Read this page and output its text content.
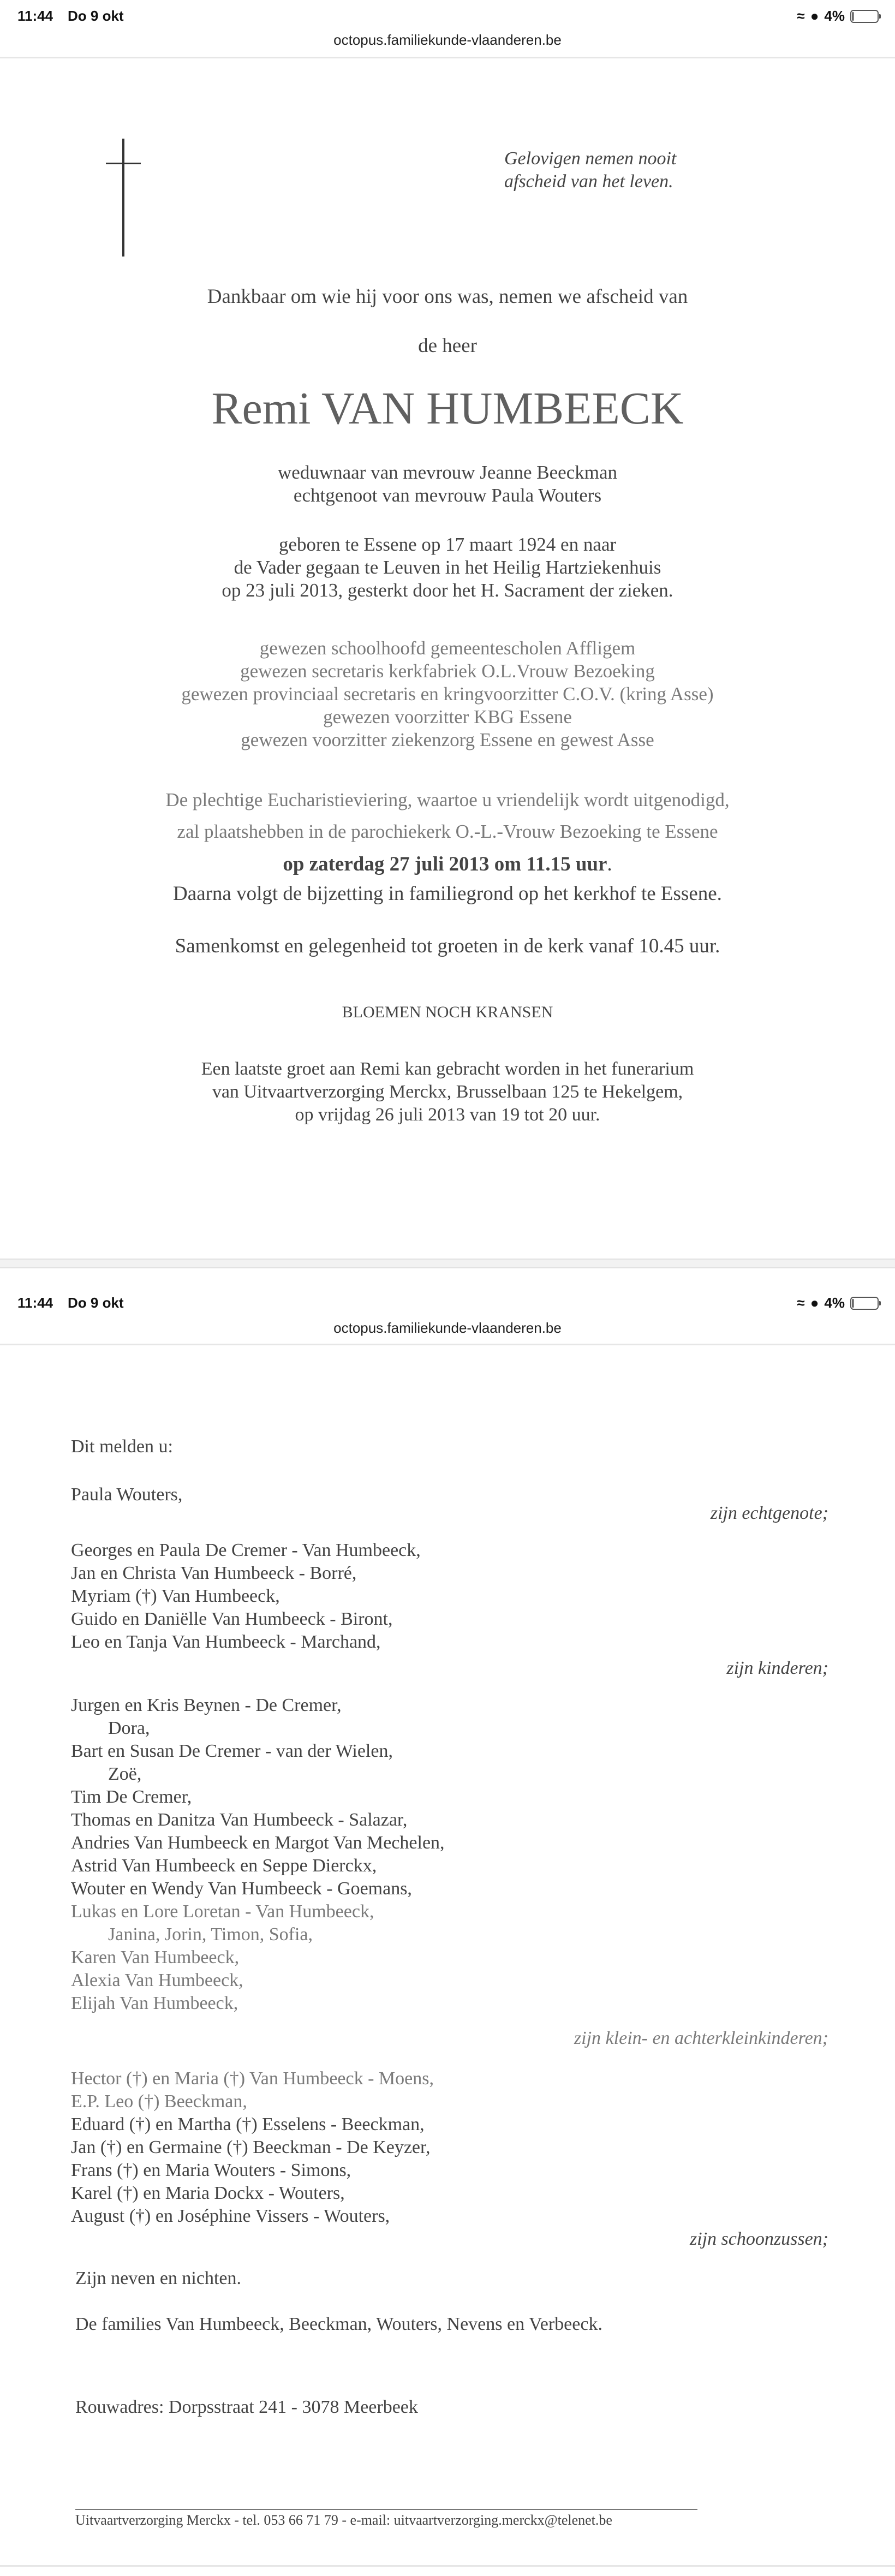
11:44 Do 9 okt	≈ ● 4%
octopus.familiekunde-vlaanderen.be
Gelovigen nemen nooit
afscheid van het leven.
Dankbaar om wie hij voor ons was, nemen we afscheid van
de heer
Remi VAN HUMBEECK
weduwnaar van mevrouw Jeanne Beeckman
echtgenoot van mevrouw Paula Wouters
geboren te Essene op 17 maart 1924 en naar
de Vader gegaan te Leuven in het Heilig Hartziekenhuis
op 23 juli 2013, gesterkt door het H. Sacrament der zieken.
gewezen schoolhoofd gemeentescholen Affligem
gewezen secretaris kerkfabriek O.L.Vrouw Bezoeking
gewezen provinciaal secretaris en kringvoorzitter C.O.V. (kring Asse)
gewezen voorzitter KBG Essene
gewezen voorzitter ziekenzorg Essene en gewest Asse
De plechtige Eucharistieviering, waartoe u vriendelijk wordt uitgenodigd,
zal plaatshebben in de parochiekerk O.-L.-Vrouw Bezoeking te Essene
op zaterdag 27 juli 2013 om 11.15 uur.
Daarna volgt de bijzetting in familiegrond op het kerkhof te Essene.
Samenkomst en gelegenheid tot groeten in de kerk vanaf 10.45 uur.
BLOEMEN NOCH KRANSEN
Een laatste groet aan Remi kan gebracht worden in het funerarium
van Uitvaartverzorging Merckx, Brusselbaan 125 te Hekelgem,
op vrijdag 26 juli 2013 van 19 tot 20 uur.
11:44 Do 9 okt	≈ ● 4%
octopus.familiekunde-vlaanderen.be
Dit melden u:
Paula Wouters,
zijn echtgenote;
Georges en Paula De Cremer - Van Humbeeck,
Jan en Christa Van Humbeeck - Borré,
Myriam (†) Van Humbeeck,
Guido en Daniëlle Van Humbeeck - Biront,
Leo en Tanja Van Humbeeck - Marchand,
zijn kinderen;
Jurgen en Kris Beynen - De Cremer,
Dora,
Bart en Susan De Cremer - van der Wielen,
Zoë,
Tim De Cremer,
Thomas en Danitza Van Humbeeck - Salazar,
Andries Van Humbeeck en Margot Van Mechelen,
Astrid Van Humbeeck en Seppe Dierckx,
Wouter en Wendy Van Humbeeck - Goemans,
Lukas en Lore Loretan - Van Humbeeck,
Janina, Jorin, Timon, Sofia,
Karen Van Humbeeck,
Alexia Van Humbeeck,
Elijah Van Humbeeck,
zijn klein- en achterkleinkinderen;
Hector (†) en Maria (†) Van Humbeeck - Moens,
E.P. Leo (†) Beeckman,
Eduard (†) en Martha (†) Esselens - Beeckman,
Jan (†) en Germaine (†) Beeckman - De Keyzer,
Frans (†) en Maria Wouters - Simons,
Karel (†) en Maria Dockx - Wouters,
August (†) en Joséphine Vissers - Wouters,
zijn schoonzussen;
Zijn neven en nichten.
De families Van Humbeeck, Beeckman, Wouters, Nevens en Verbeeck.
Rouwadres: Dorpsstraat 241 - 3078 Meerbeek
Uitvaartverzorging Merckx - tel. 053 66 71 79 - e-mail: uitvaartverzorging.merckx@telenet.be
